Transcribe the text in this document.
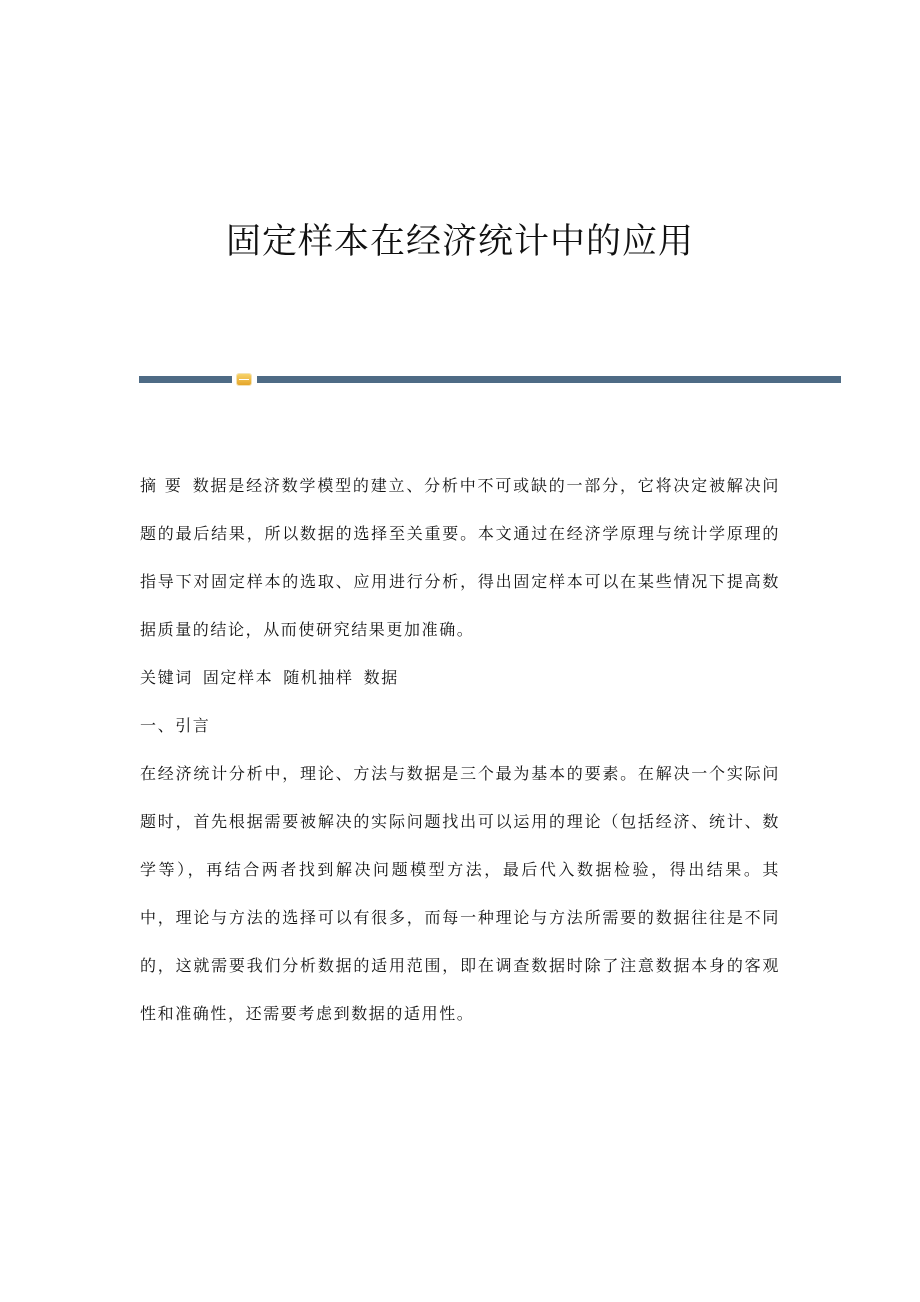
固定样本在经济统计中的应用

摘 要 数据是经济数学模型的建立、分析中不可或缺的一部分，它将决定被解决问题的最后结果，所以数据的选择至关重要。本文通过在经济学原理与统计学原理的指导下对固定样本的选取、应用进行分析，得出固定样本可以在某些情况下提高数据质量的结论，从而使研究结果更加准确。

关键词 固定样本 随机抽样 数据

一、引言

在经济统计分析中，理论、方法与数据是三个最为基本的要素。在解决一个实际问题时，首先根据需要被解决的实际问题找出可以运用的理论（包括经济、统计、数学等），再结合两者找到解决问题模型方法，最后代入数据检验，得出结果。其中，理论与方法的选择可以有很多，而每一种理论与方法所需要的数据往往是不同的，这就需要我们分析数据的适用范围，即在调查数据时除了注意数据本身的客观性和准确性，还需要考虑到数据的适用性。
